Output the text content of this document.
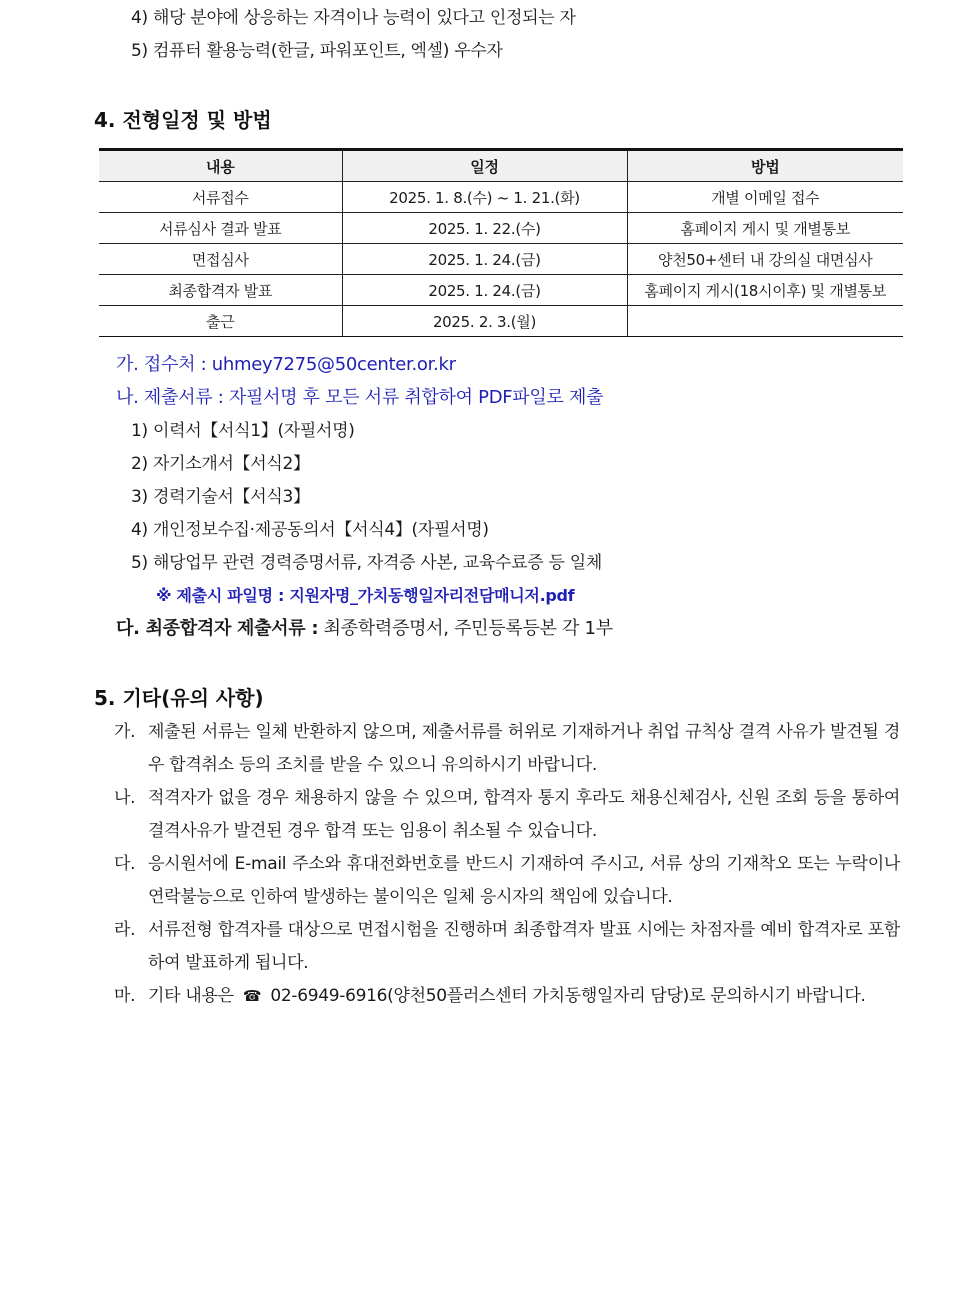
4) 해당 분야에 상응하는 자격이나 능력이 있다고 인정되는 자
5) 컴퓨터 활용능력(한글, 파워포인트, 엑셀) 우수자
4. 전형일정 및 방법
내용	일정	방법
서류접수	2025. 1. 8.(수) ~ 1. 21.(화)	개별 이메일 접수
서류심사 결과 발표	2025. 1. 22.(수)	홈페이지 게시 및 개별통보
면접심사	2025. 1. 24.(금)	양천50+센터 내 강의실 대면심사
최종합격자 발표	2025. 1. 24.(금)	홈페이지 게시(18시이후) 및 개별통보
출근	2025. 2. 3.(월)	
가. 접수처 : uhmey7275@50center.or.kr
나. 제출서류 : 자필서명 후 모든 서류 취합하여 PDF파일로 제출
1) 이력서【서식1】(자필서명)
2) 자기소개서【서식2】
3) 경력기술서【서식3】
4) 개인정보수집·제공동의서【서식4】(자필서명)
5) 해당업무 관련 경력증명서류, 자격증 사본, 교육수료증 등 일체
※ 제출시 파일명 : 지원자명_가치동행일자리전담매니저.pdf
다. 최종합격자 제출서류 : 최종학력증명서, 주민등록등본 각 1부
5. 기타(유의 사항)
가. 제출된 서류는 일체 반환하지 않으며, 제출서류를 허위로 기재하거나 취업 규칙상 결격 사유가 발견될 경우 합격취소 등의 조치를 받을 수 있으니 유의하시기 바랍니다.
나. 적격자가 없을 경우 채용하지 않을 수 있으며, 합격자 통지 후라도 채용신체검사, 신원 조회 등을 통하여 결격사유가 발견된 경우 합격 또는 임용이 취소될 수 있습니다.
다. 응시원서에 E-mail 주소와 휴대전화번호를 반드시 기재하여 주시고, 서류 상의 기재착오 또는 누락이나 연락불능으로 인하여 발생하는 불이익은 일체 응시자의 책임에 있습니다.
라. 서류전형 합격자를 대상으로 면접시험을 진행하며 최종합격자 발표 시에는 차점자를 예비 합격자로 포함하여 발표하게 됩니다.
마. 기타 내용은 ☎ 02-6949-6916(양천50플러스센터 가치동행일자리 담당)로 문의하시기 바랍니다.
